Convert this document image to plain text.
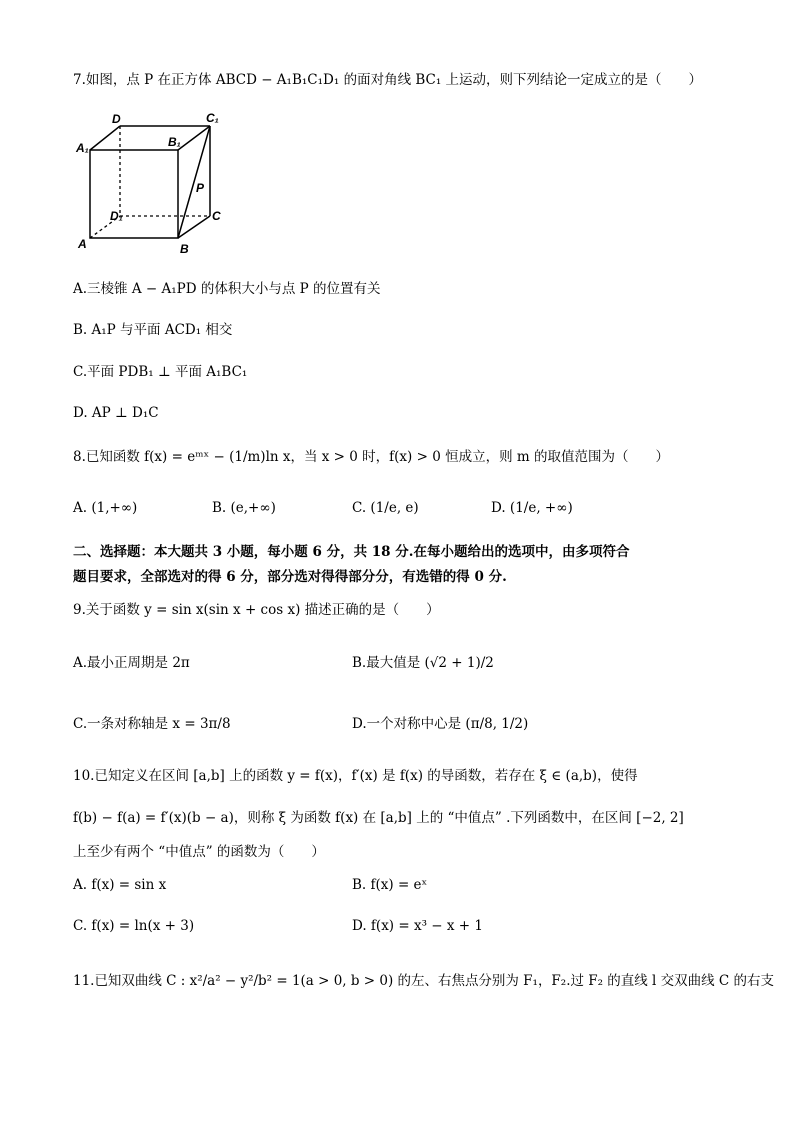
7.如图，点 P 在正方体 ABCD − A₁B₁C₁D₁ 的面对角线 BC₁ 上运动，则下列结论一定成立的是（　　）
A₁
D
B₁
C₁
P
D₁	C
A	B
A.三棱锥 A − A₁PD 的体积大小与点 P 的位置有关
B. A₁P 与平面 ACD₁ 相交
C.平面 PDB₁ ⊥ 平面 A₁BC₁
D. AP ⊥ D₁C
8.已知函数 f(x) = eᵐˣ − (1/m)ln x，当 x > 0 时，f(x) > 0 恒成立，则 m 的取值范围为（　　）
A. (1,+∞)	B. (e,+∞)	C. (1/e, e)	D. (1/e, +∞)
二、选择题：本大题共 3 小题，每小题 6 分，共 18 分.在每小题给出的选项中，由多项符合
题目要求，全部选对的得 6 分，部分选对得得部分分，有选错的得 0 分.
9.关于函数 y = sin x(sin x + cos x) 描述正确的是（　　）
A.最小正周期是 2π	B.最大值是 (√2 + 1)/2
C.一条对称轴是 x = 3π/8	D.一个对称中心是 (π/8, 1/2)
10.已知定义在区间 [a,b] 上的函数 y = f(x)，f′(x) 是 f(x) 的导函数，若存在 ξ ∈ (a,b)，使得
f(b) − f(a) = f′(x)(b − a)，则称 ξ 为函数 f(x) 在 [a,b] 上的 “中值点” .下列函数中，在区间 [−2, 2]
上至少有两个 “中值点” 的函数为（　　）
A. f(x) = sin x	B. f(x) = eˣ
C. f(x) = ln(x + 3)	D. f(x) = x³ − x + 1
11.已知双曲线 C : x²/a² − y²/b² = 1(a > 0, b > 0) 的左、右焦点分别为 F₁，F₂.过 F₂ 的直线 l 交双曲线 C 的右支
